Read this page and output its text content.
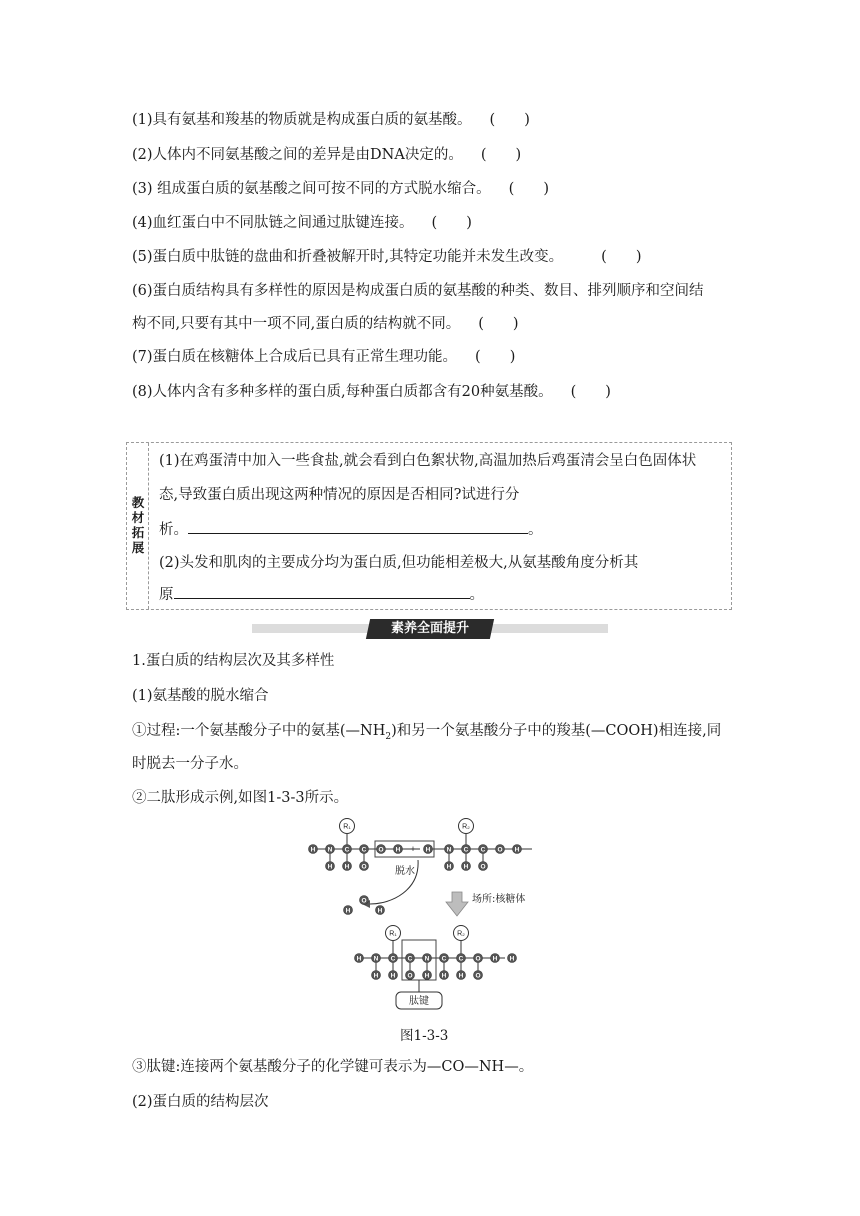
(1)具有氨基和羧基的物质就是构成蛋白质的氨基酸。 (　　)
(2)人体内不同氨基酸之间的差异是由DNA决定的。 (　　)
(3) 组成蛋白质的氨基酸之间可按不同的方式脱水缩合。 (　　)
(4)血红蛋白中不同肽链之间通过肽键连接。 (　　)
(5)蛋白质中肽链的盘曲和折叠被解开时,其特定功能并未发生改变。	(　　)
(6)蛋白质结构具有多样性的原因是构成蛋白质的氨基酸的种类、数目、排列顺序和空间结
构不同,只要有其中一项不同,蛋白质的结构就不同。 (　　)
(7)蛋白质在核糖体上合成后已具有正常生理功能。 (　　)
(8)人体内含有多种多样的蛋白质,每种蛋白质都含有20种氨基酸。 (　　)
教材拓展
(1)在鸡蛋清中加入一些食盐,就会看到白色絮状物,高温加热后鸡蛋清会呈白色固体状
态,导致蛋白质出现这两种情况的原因是否相同?试进行分
析。	。
(2)头发和肌肉的主要成分均为蛋白质,但功能相差极大,从氨基酸角度分析其
原	。
素养全面提升
1.蛋白质的结构层次及其多样性
(1)氨基酸的脱水缩合
①过程:一个氨基酸分子中的氨基$(—NH_2)$和另一个氨基酸分子中的羧基(—COOH)相连接,同
时脱去一分子水。
②二肽形成示例,如图1-3-3所示。
H N C C O H	H	N C C O H
H H O	H H O
H
O
H
H N C C N C C O H H
H H O H H H O
R₁	R₂
R₁	R₂
+
脱水
场所:核糖体
肽键
图1-3-3
③肽键:连接两个氨基酸分子的化学键可表示为—CO—NH—。
(2)蛋白质的结构层次
